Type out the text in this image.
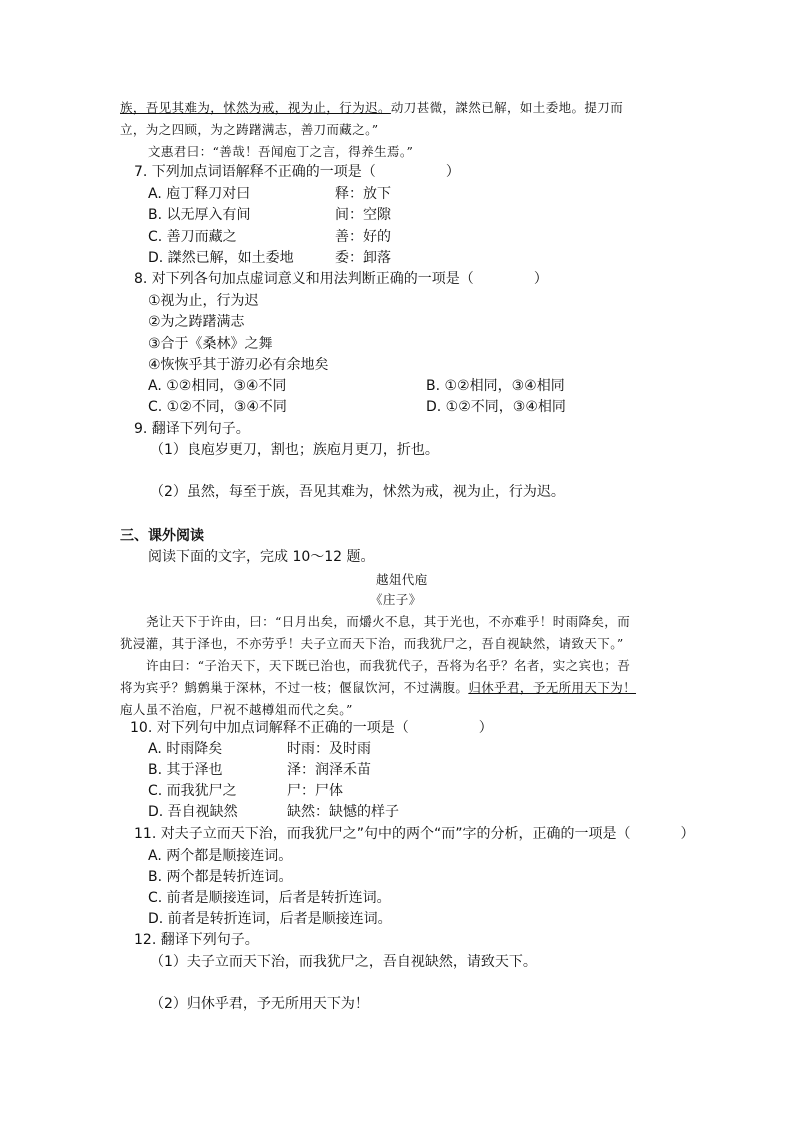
族，吾见其难为，怵然为戒，视为止，行为迟。动刀甚微，謋然已解，如土委地。提刀而
立，为之四顾，为之踌躇满志，善刀而藏之。”
文惠君曰：“善哉！吾闻庖丁之言，得养生焉。”
7. 下列加点词语解释不正确的一项是（	）
A. 庖丁释刀对曰	释：放下
B. 以无厚入有间	间：空隙
C. 善刀而藏之	善：好的
D. 謋然已解，如土委地	委：卸落
8. 对下列各句加点虚词意义和用法判断正确的一项是（	）
①视为止，行为迟
②为之踌躇满志
③合于《桑林》之舞
④恢恢乎其于游刃必有余地矣
A. ①②相同，③④不同	B. ①②相同，③④相同
C. ①②不同，③④不同	D. ①②不同，③④相同
9. 翻译下列句子。
（1）良庖岁更刀，割也；族庖月更刀，折也。
（2）虽然，每至于族，吾见其难为，怵然为戒，视为止，行为迟。
三、课外阅读
阅读下面的文字，完成 10～12 题。
越俎代庖
《庄子》
尧让天下于许由，曰：“日月出矣，而爝火不息，其于光也，不亦难乎！时雨降矣，而
犹浸灌，其于泽也，不亦劳乎！夫子立而天下治，而我犹尸之，吾自视缺然，请致天下。”
许由曰：“子治天下，天下既已治也，而我犹代子，吾将为名乎？名者，实之宾也；吾
将为宾乎？鹪鹩巢于深林，不过一枝；偃鼠饮河，不过满腹。归休乎君，予无所用天下为！
庖人虽不治庖，尸祝不越樽俎而代之矣。”
10. 对下列句中加点词解释不正确的一项是（	）
A. 时雨降矣	时雨：及时雨
B. 其于泽也	泽：润泽禾苗
C. 而我犹尸之	尸：尸体
D. 吾自视缺然	缺然：缺憾的样子
11. 对夫子立而天下治，而我犹尸之”句中的两个“而”字的分析，正确的一项是（	）
A. 两个都是顺接连词。
B. 两个都是转折连词。
C. 前者是顺接连词，后者是转折连词。
D. 前者是转折连词，后者是顺接连词。
12. 翻译下列句子。
（1）夫子立而天下治，而我犹尸之，吾自视缺然，请致天下。
（2）归休乎君，予无所用天下为！
